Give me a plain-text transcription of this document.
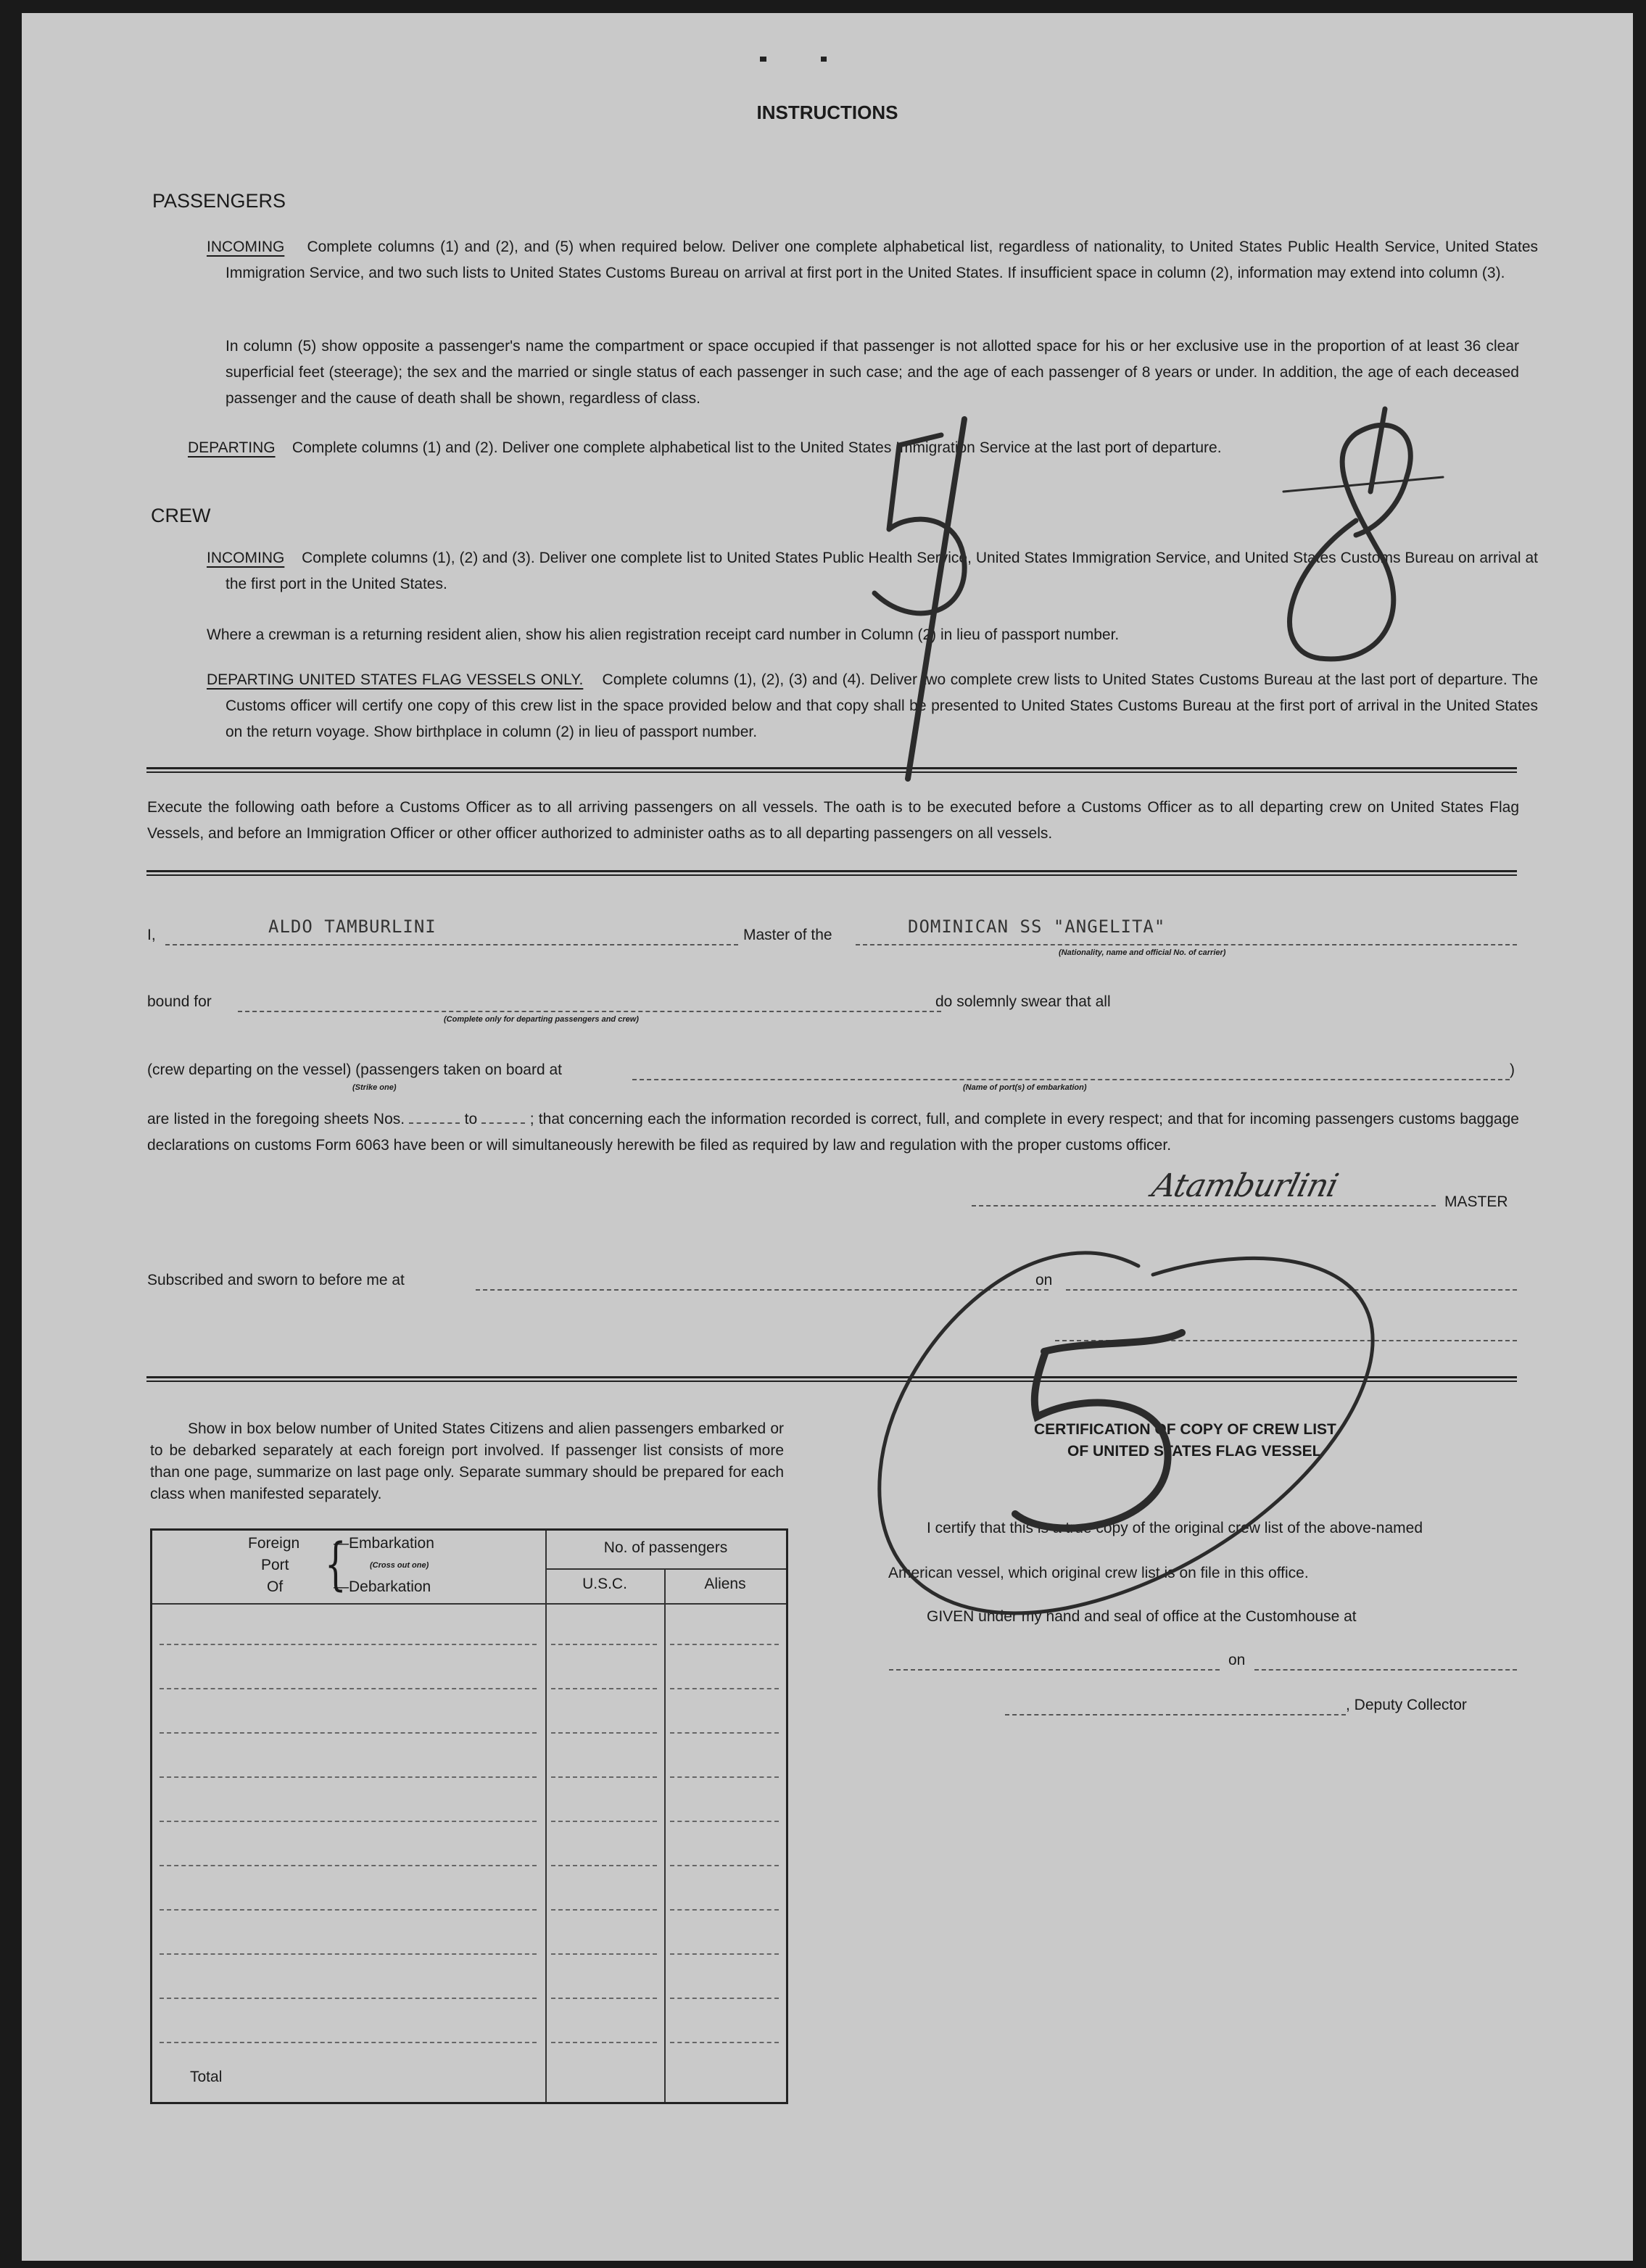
INSTRUCTIONS
PASSENGERS
INCOMING Complete columns (1) and (2), and (5) when required below. Deliver one complete alphabetical list, regardless of nationality, to United States Public Health Service, United States Immigration Service, and two such lists to United States Customs Bureau on arrival at first port in the United States. If insufficient space in column (2), information may extend into column (3).
In column (5) show opposite a passenger's name the compartment or space occupied if that passenger is not allotted space for his or her exclusive use in the proportion of at least 36 clear superficial feet (steerage); the sex and the married or single status of each passenger in such case; and the age of each passenger of 8 years or under. In addition, the age of each deceased passenger and the cause of death shall be shown, regardless of class.
DEPARTING Complete columns (1) and (2). Deliver one complete alphabetical list to the United States Immigration Service at the last port of departure.
CREW
INCOMING Complete columns (1), (2) and (3). Deliver one complete list to United States Public Health Service, United States Immigration Service, and United States Customs Bureau on arrival at the first port in the United States.
Where a crewman is a returning resident alien, show his alien registration receipt card number in Column (2) in lieu of passport number.
DEPARTING UNITED STATES FLAG VESSELS ONLY. Complete columns (1), (2), (3) and (4). Deliver two complete crew lists to United States Customs Bureau at the last port of departure. The Customs officer will certify one copy of this crew list in the space provided below and that copy shall be presented to United States Customs Bureau at the first port of arrival in the United States on the return voyage. Show birthplace in column (2) in lieu of passport number.
Execute the following oath before a Customs Officer as to all arriving passengers on all vessels. The oath is to be executed before a Customs Officer as to all departing crew on United States Flag Vessels, and before an Immigration Officer or other officer authorized to administer oaths as to all departing passengers on all vessels.
I,	ALDO TAMBURLINI	Master of the	DOMINICAN SS "ANGELITA"
(Nationality, name and official No. of carrier)
bound for
(Complete only for departing passengers and crew)
do solemnly swear that all
(crew departing on the vessel) (passengers taken on board at	)
(Strike one)	(Name of port(s) of embarkation)
are listed in the foregoing sheets Nos.	to	; that concerning each the information recorded is correct, full, and complete in every respect; and that for incoming passengers customs baggage declarations on customs Form 6063 have been or will simultaneously herewith be filed as required by law and regulation with the proper customs officer.
Atamburlini	MASTER
Subscribed and sworn to before me at	on
Show in box below number of United States Citizens and alien passengers embarked or to be debarked separately at each foreign port involved. If passenger list consists of more than one page, summarize on last page only. Separate summary should be prepared for each class when manifested separately.
Foreign
Port
Of {
—Embarkation
(Cross out one)
—Debarkation
No. of passengers
U.S.C.	Aliens
Total
CERTIFICATION OF COPY OF CREW LIST
OF UNITED STATES FLAG VESSEL
I certify that this is a true copy of the original crew list of the above-named
American vessel, which original crew list is on file in this office.
GIVEN under my hand and seal of office at the Customhouse at
on
, Deputy Collector
